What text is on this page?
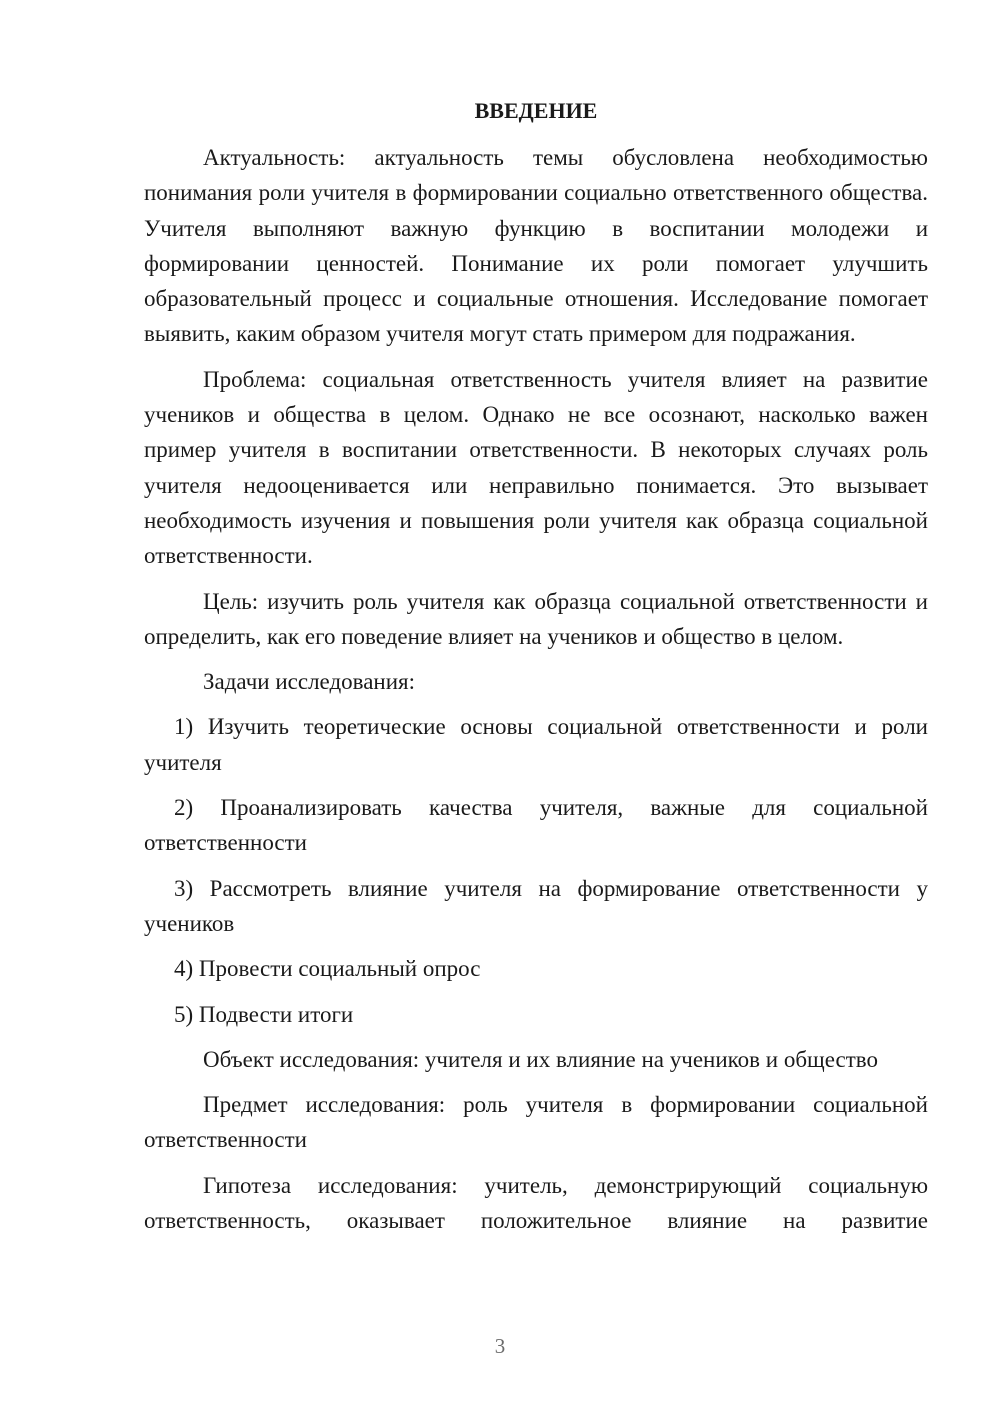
ВВЕДЕНИЕ

Актуальность: актуальность темы обусловлена необходимостью понимания роли учителя в формировании социально ответственного общества. Учителя выполняют важную функцию в воспитании молодежи и формировании ценностей. Понимание их роли помогает улучшить образовательный процесс и социальные отношения. Исследование помогает выявить, каким образом учителя могут стать примером для подражания.

Проблема: социальная ответственность учителя влияет на развитие учеников и общества в целом. Однако не все осознают, насколько важен пример учителя в воспитании ответственности. В некоторых случаях роль учителя недооценивается или неправильно понимается. Это вызывает необходимость изучения и повышения роли учителя как образца социальной ответственности.

Цель: изучить роль учителя как образца социальной ответственности и определить, как его поведение влияет на учеников и общество в целом.

Задачи исследования:

1) Изучить теоретические основы социальной ответственности и роли учителя

2) Проанализировать качества учителя, важные для социальной ответственности

3) Рассмотреть влияние учителя на формирование ответственности у учеников

4) Провести социальный опрос

5) Подвести итоги

Объект исследования: учителя и их влияние на учеников и общество

Предмет исследования: роль учителя в формировании социальной ответственности

Гипотеза исследования: учитель, демонстрирующий социальную ответственность, оказывает положительное влияние на развитие

3
